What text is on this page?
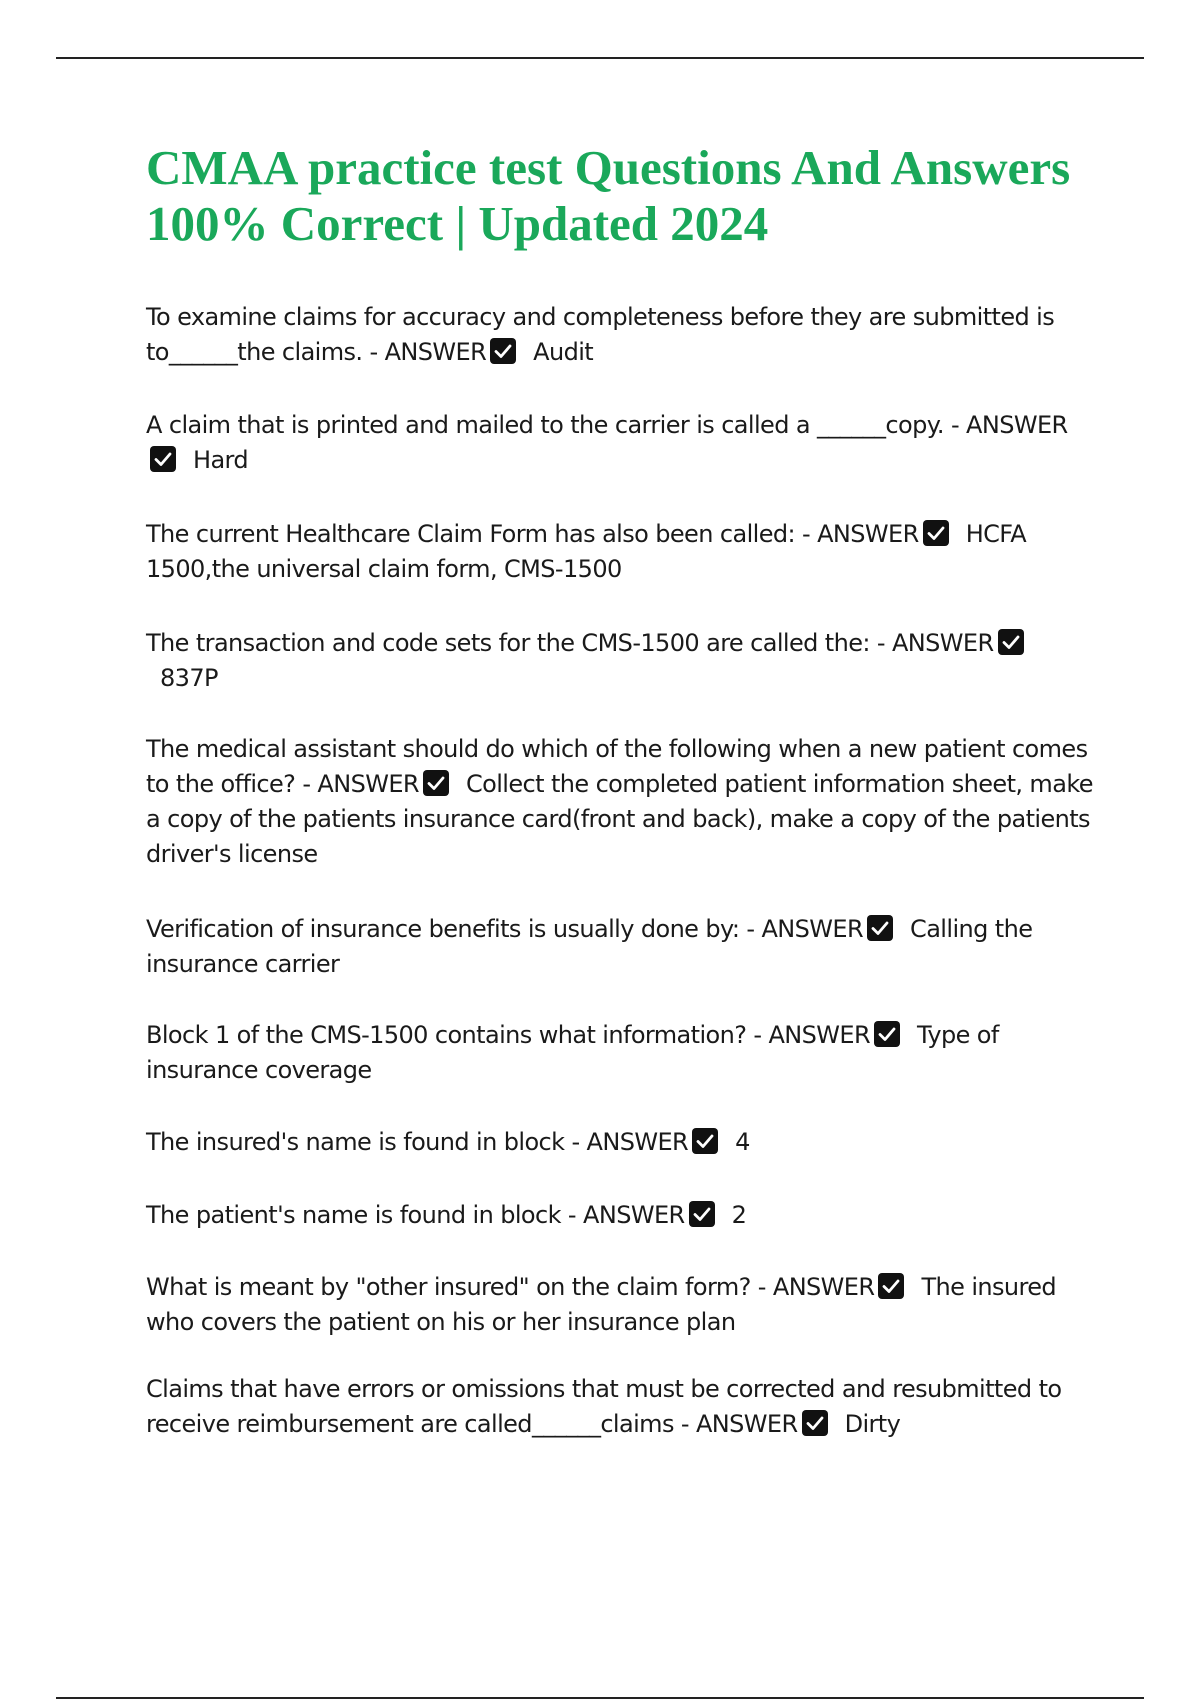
CMAA practice test Questions And Answers
100% Correct | Updated 2024

To examine claims for accuracy and completeness before they are submitted is to______the claims. - ANSWER Audit

A claim that is printed and mailed to the carrier is called a ______copy. - ANSWERHard

The current Healthcare Claim Form has also been called: - ANSWER HCFA 1500,the universal claim form, CMS-1500

The transaction and code sets for the CMS-1500 are called the: - ANSWER837P

The medical assistant should do which of the following when a new patient comes to the office? - ANSWER Collect the completed patient information sheet, make a copy of the patients insurance card(front and back), make a copy of the patients driver's license

Verification of insurance benefits is usually done by: - ANSWER Calling the insurance carrier

Block 1 of the CMS-1500 contains what information? - ANSWER Type of insurance coverage

The insured's name is found in block - ANSWER 4

The patient's name is found in block - ANSWER 2

What is meant by "other insured" on the claim form? - ANSWER The insured who covers the patient on his or her insurance plan

Claims that have errors or omissions that must be corrected and resubmitted to receive reimbursement are called______claims - ANSWER Dirty
